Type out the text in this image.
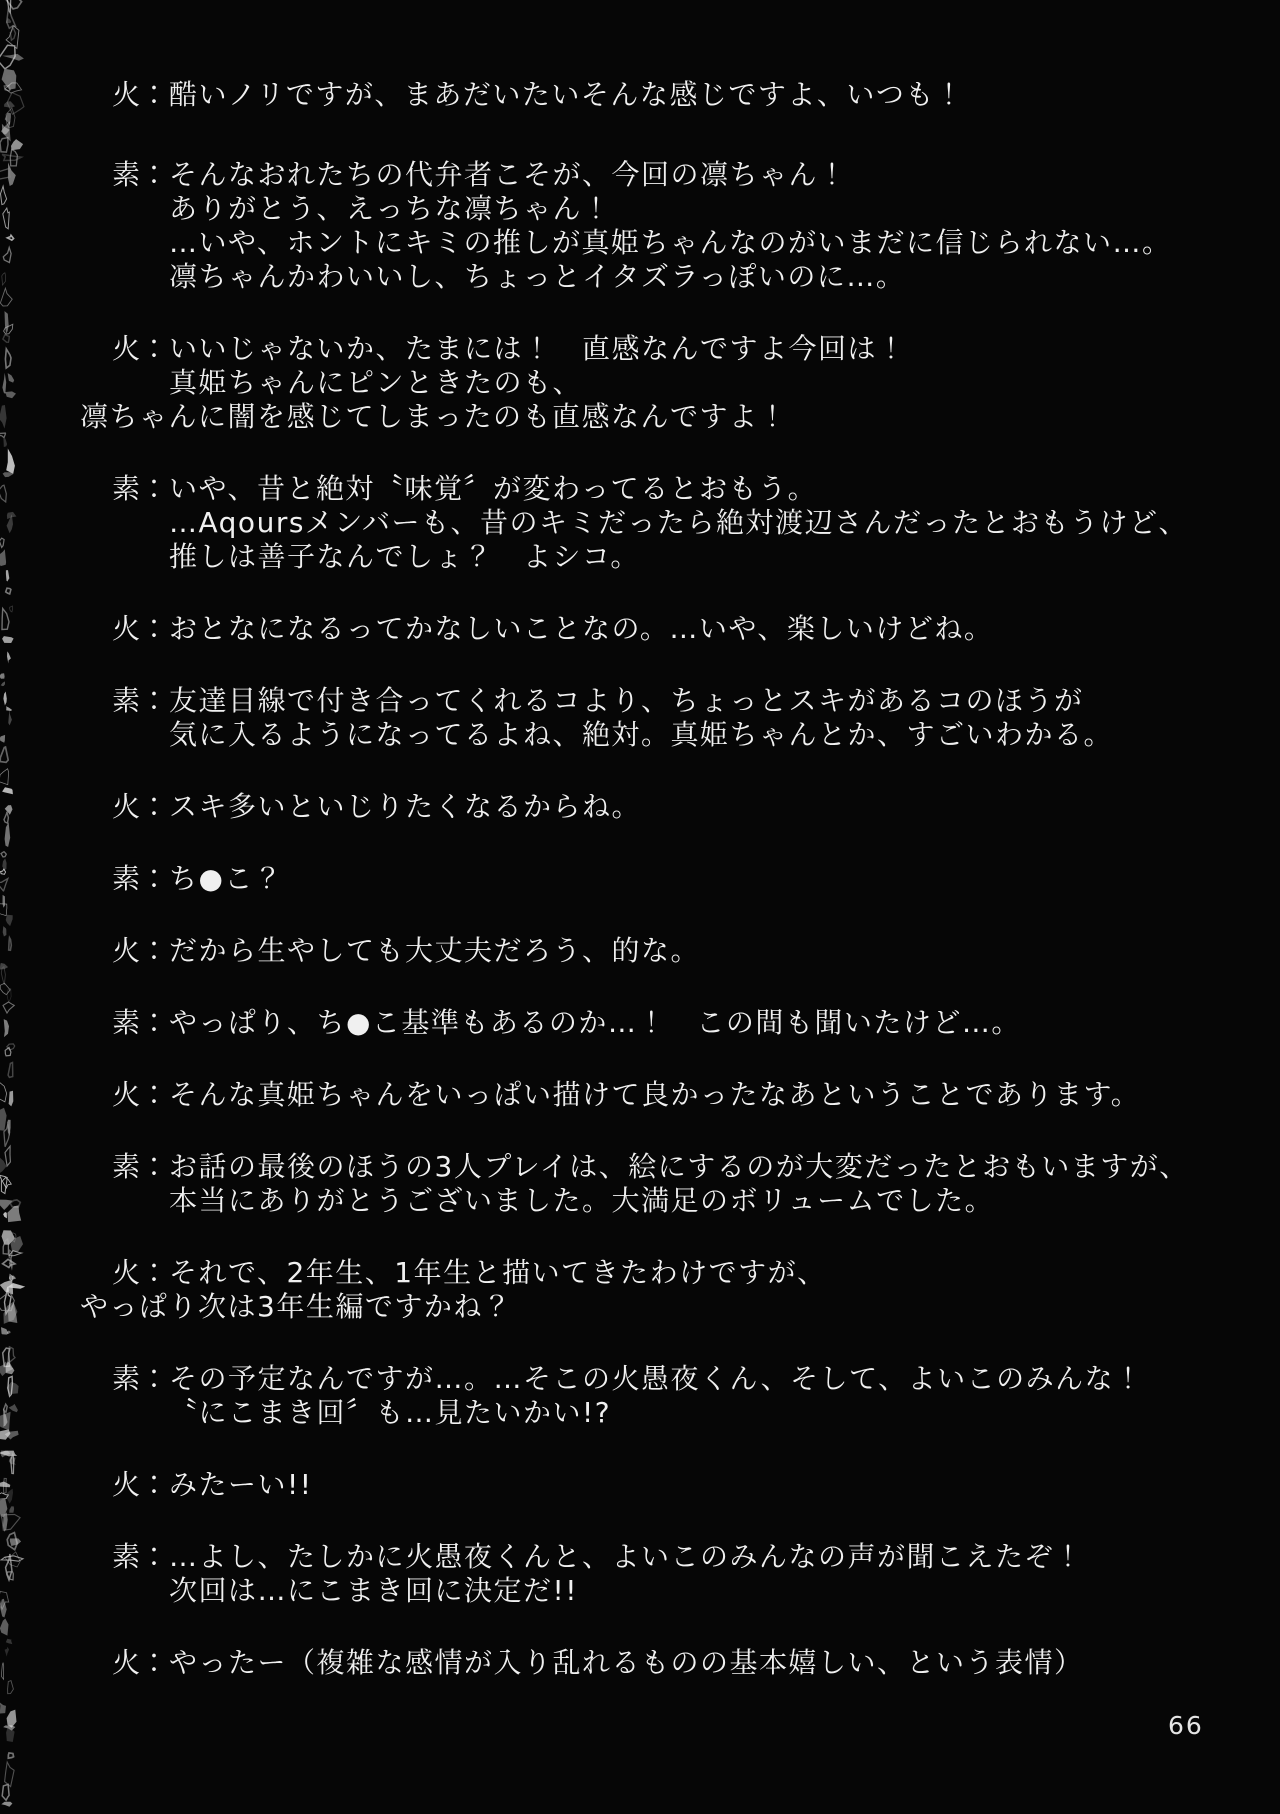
火：酷いノリですが、まあだいたいそんな感じですよ、いつも！
素：そんなおれたちの代弁者こそが、今回の凛ちゃん！
ありがとう、えっちな凛ちゃん！
…いや、ホントにキミの推しが真姫ちゃんなのがいまだに信じられない…。
凛ちゃんかわいいし、ちょっとイタズラっぽいのに…。
火：いいじゃないか、たまには！　直感なんですよ今回は！
真姫ちゃんにピンときたのも、
凛ちゃんに闇を感じてしまったのも直感なんですよ！
素：いや、昔と絶対〝味覚〞が変わってるとおもう。
…Aqoursメンバーも、昔のキミだったら絶対渡辺さんだったとおもうけど、
推しは善子なんでしょ？　よシコ。
火：おとなになるってかなしいことなの。…いや、楽しいけどね。
素：友達目線で付き合ってくれるコより、ちょっとスキがあるコのほうが
気に入るようになってるよね、絶対。真姫ちゃんとか、すごいわかる。
火：スキ多いといじりたくなるからね。
素：ち●こ？
火：だから生やしても大丈夫だろう、的な。
素：やっぱり、ち●こ基準もあるのか…！　この間も聞いたけど…。
火：そんな真姫ちゃんをいっぱい描けて良かったなあということであります。
素：お話の最後のほうの3人プレイは、絵にするのが大変だったとおもいますが、
本当にありがとうございました。大満足のボリュームでした。
火：それで、2年生、1年生と描いてきたわけですが、
やっぱり次は3年生編ですかね？
素：その予定なんですが…。…そこの火愚夜くん、そして、よいこのみんな！
〝にこまき回〞も…見たいかい!?
火：みたーい!!
素：…よし、たしかに火愚夜くんと、よいこのみんなの声が聞こえたぞ！
次回は…にこまき回に決定だ!!
火：やったー（複雑な感情が入り乱れるものの基本嬉しい、という表情）
66
